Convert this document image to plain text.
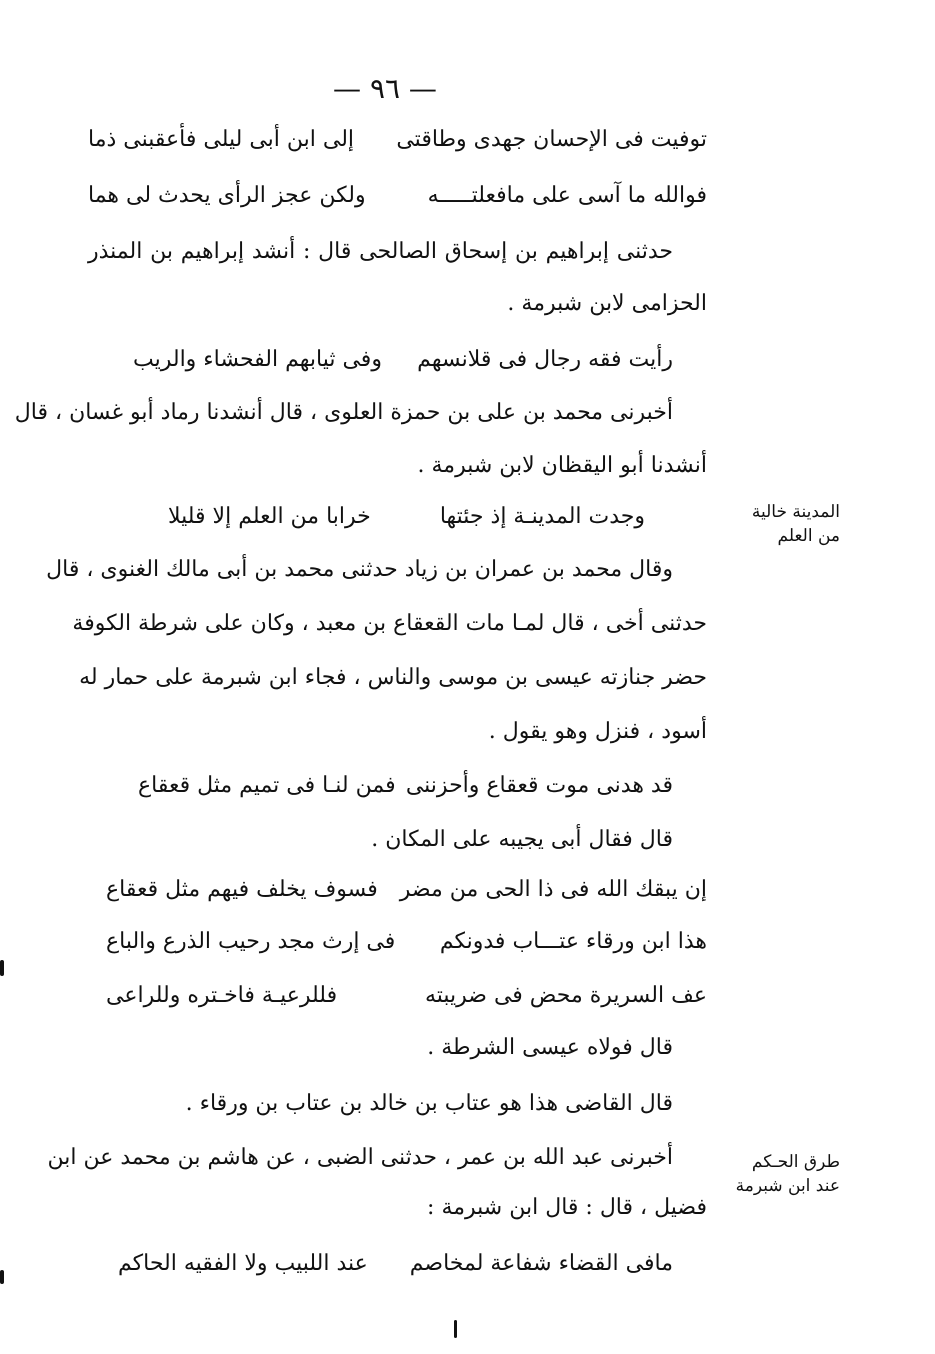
— ٩٦ —
توفيت فى الإحسان جهدى وطاقتى
إلى ابن أبى ليلى فأعقبنى ذما
فوالله ما آسى على مافعلتـــــه
ولكن عجز الرأى يحدث لى هما
حدثنى إبراهيم بن إسحاق الصالحى قال : أنشد إبراهيم بن المنذر
الحزامى لابن شبرمة .
رأيت فقه رجال فى قلانسهم
وفى ثيابهم الفحشاء والريب
أخبرنى محمد بن على بن حمزة العلوى ، قال أنشدنا رماد أبو غسان ، قال
أنشدنا أبو اليقظان لابن شبرمة .
وجدت المدينـة إذ جئتها
خرابا من العلم إلا قليلا
وقال محمد بن عمران بن زياد حدثنى محمد بن أبى مالك الغنوى ، قال
حدثنى أخى ، قال لمـا مات القعقاع بن معبد ، وكان على شرطة الكوفة
حضر جنازته عيسى بن موسى والناس ، فجاء ابن شبرمة على حمار له
أسود ، فنزل وهو يقول .
قد هدنى موت قعقاع وأحزننى
فمن لنـا فى تميم مثل قعقاع
قال فقال أبى يجيبه على المكان .
إن يبقك الله فى ذا الحى من مضر
فسوف يخلف فيهم مثل قعقاع
هذا ابن ورقاء عتـــاب فدونكم
فى إرث مجد رحيب الذرع والباع
عف السريرة محض فى ضريبته
فللرعيـة فاخـتره وللراعى
قال فولاه عيسى الشرطة .
قال القاضى هذا هو عتاب بن خالد بن عتاب بن ورقاء .
أخبرنى عبد الله بن عمر ، حدثنى الضبى ، عن هاشم بن محمد عن ابن
فضيل ، قال : قال ابن شبرمة :
مافى القضاء شفاعة لمخاصم
عند اللبيب ولا الفقيه الحاكم
المدينة خالية
من العلم
طرق الحـكم
عند ابن شبرمة
